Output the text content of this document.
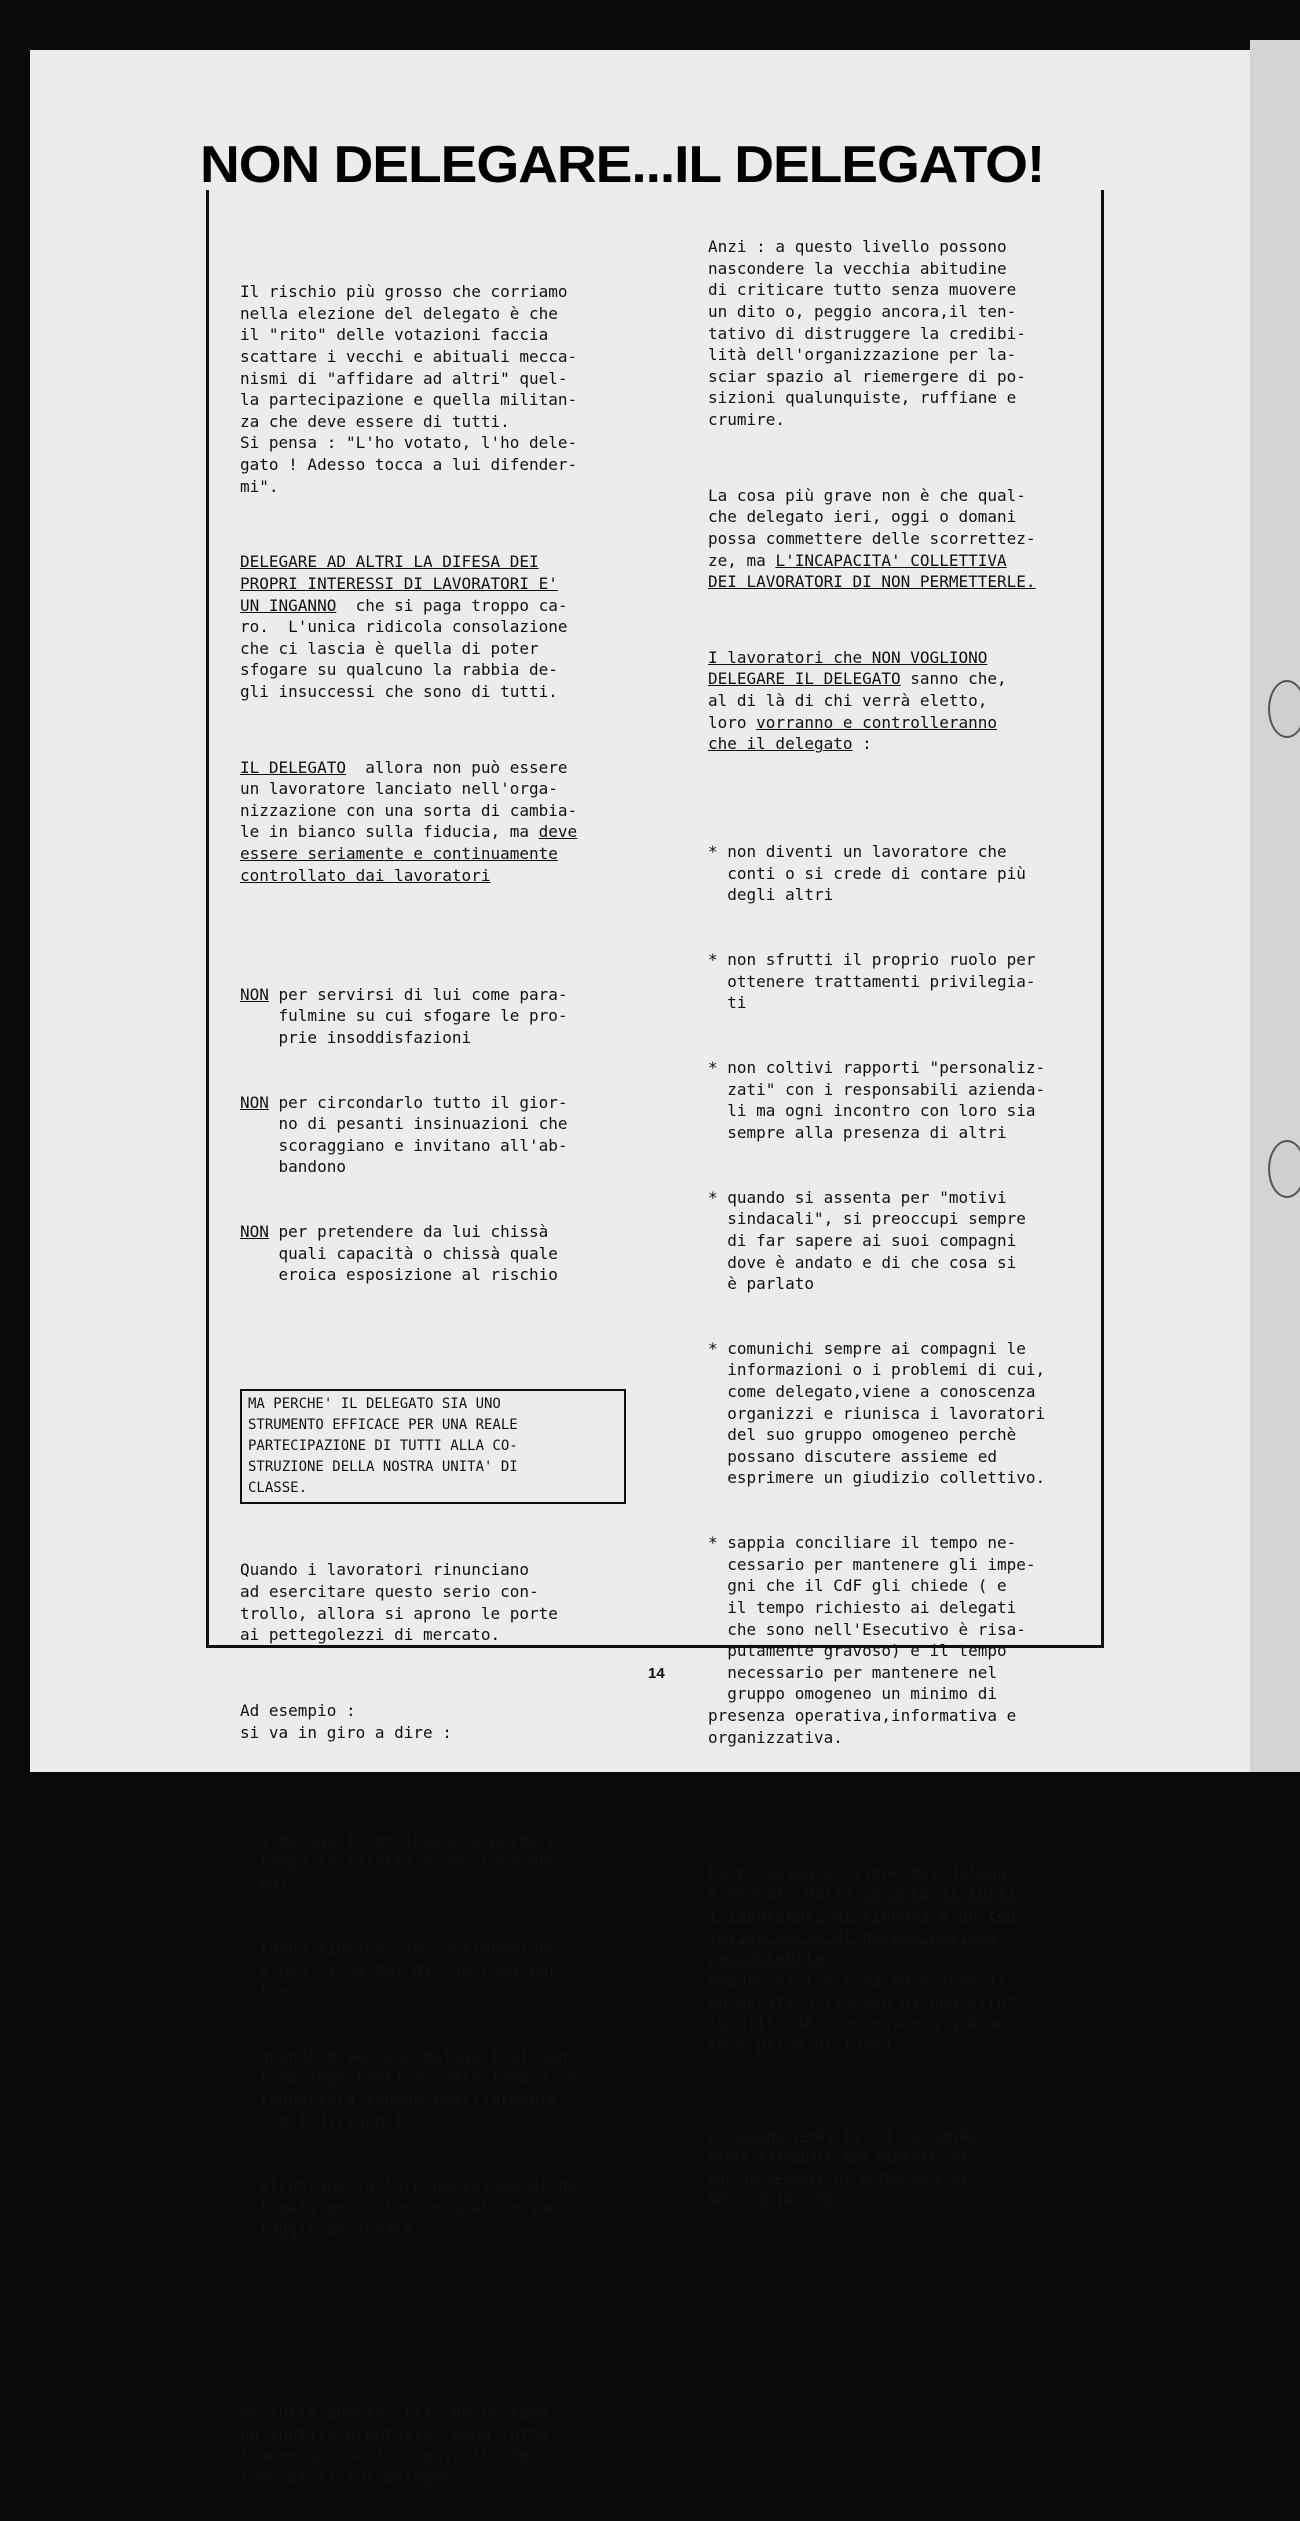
NON DELEGARE...IL DELEGATO!

Il rischio più grosso che corriamo
nella elezione del delegato è che
il "rito" delle votazioni faccia
scattare i vecchi e abituali mecca-
nismi di "affidare ad altri" quel-
la partecipazione e quella militan-
za che deve essere di tutti.
Si pensa : "L'ho votato, l'ho dele-
gato ! Adesso tocca a lui difender-
mi".

DELEGARE AD ALTRI LA DIFESA DEI
PROPRI INTERESSI DI LAVORATORI E'
UN INGANNO  che si paga troppo ca-
ro.  L'unica ridicola consolazione
che ci lascia è quella di poter
sfogare su qualcuno la rabbia de-
gli insuccessi che sono di tutti.

IL DELEGATO  allora non può essere
un lavoratore lanciato nell'orga-
nizzazione con una sorta di cambia-
le in bianco sulla fiducia, ma deve
essere seriamente e continuamente
controllato dai lavoratori

NON per servirsi di lui come para-
fulmine su cui sfogare le pro-
prie insoddisfazioni

NON per circondarlo tutto il gior-
no di pesanti insinuazioni che
scoraggiano e invitano all'ab-
bandono

NON per pretendere da lui chissà
quali capacità o chissà quale
eroica esposizione al rischio

MA PERCHE' IL DELEGATO SIA UNO
STRUMENTO EFFICACE PER UNA REALE
PARTECIPAZIONE DI TUTTI ALLA CO-
STRUZIONE DELLA NOSTRA UNITA' DI
CLASSE.

Quando i lavoratori rinunciano
ad esercitare questo serio con-
trollo, allora si aprono le porte
ai pettegolezzi di mercato.

Ad esempio :
si va in giro a dire :

* i delegati continuano a perdere
tempo in saletta e non lavorano
mai

* fanno riunioni in continuazione
e non si sa mai di che cosa par-
lano

* quando diventano delegati si sen-
tono importanti e cominciano a in-
tendersela troppo familiarmente
con i dirigenti

* sfruttano la loro posizione di de-
legati per ottenere qualche van-
taggio personale

* .......

Se tutte queste critiche restano
un inutile brontolio, sono tutto
tranne un "serio" controllo dei
lavoratori sul delegato.

Anzi : a questo livello possono
nascondere la vecchia abitudine
di criticare tutto senza muovere
un dito o, peggio ancora,il ten-
tativo di distruggere la credibi-
lità dell'organizzazione per la-
sciar spazio al riemergere di po-
sizioni qualunquiste, ruffiane e
crumire.

La cosa più grave non è che qual-
che delegato ieri, oggi o domani
possa commettere delle scorrettez-
ze, ma L'INCAPACITA' COLLETTIVA
DEI LAVORATORI DI NON PERMETTERLE.

I lavoratori che NON VOGLIONO
DELEGARE IL DELEGATO sanno che,
al di là di chi verrà eletto,
loro vorranno e controlleranno
che il delegato :

* non diventi un lavoratore che
conti o si crede di contare più
degli altri

* non sfrutti il proprio ruolo per
ottenere trattamenti privilegia-
ti

* non coltivi rapporti "personaliz-
zati" con i responsabili azienda-
li ma ogni incontro con loro sia
sempre alla presenza di altri

* quando si assenta per "motivi
sindacali", si preoccupi sempre
di far sapere ai suoi compagni
dove è andato e di che cosa si
è parlato

* comunichi sempre ai compagni le
informazioni o i problemi di cui,
come delegato,viene a conoscenza
organizzi e riunisca i lavoratori
del suo gruppo omogeneo perchè
possano discutere assieme ed
esprimere un giudizio collettivo.

* sappia conciliare il tempo ne-
cessario per mantenere gli impe-
gni che il CdF gli chiede ( e
il tempo richiesto ai delegati
che sono nell'Esecutivo è risa-
putamente gravoso) e il tempo
necessario per mantenere nel
gruppo omogeneo un minimo di
presenza operativa,informativa e
organizzativa.

La prossima elezione dei delegati,
è segnata dalla volontà di tutti
i lavoratori di rinnovare un ten-
tativo serio di partecipazione
responsabile
oppure si limiterà ad essere il
burocratico rinnovo di una strut-
tura(il CdF) che nascerà già mor-
to e privo di forza.

E CORRONO TEMPI IN CUI LA CONTRO-
PARTE AZIENDALE NON ASPETTA CHE
QUESTO SEGNALE DI SFIDUCIA E DI
NON CONVINZIONE.

14
